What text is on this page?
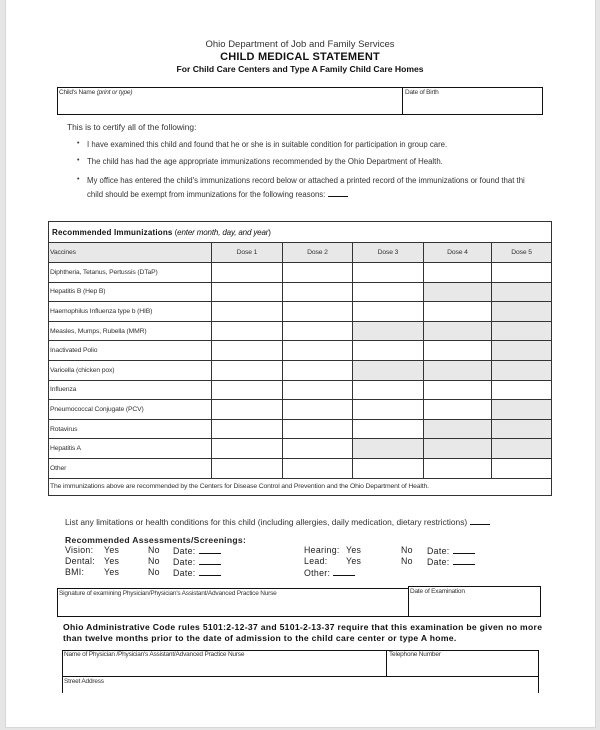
Ohio Department of Job and Family Services
CHILD MEDICAL STATEMENT
For Child Care Centers and Type A Family Child Care Homes
Child's Name (print or type)	Date of Birth
This is to certify all of the following:
• I have examined this child and found that he or she is in suitable condition for participation in group care.
• The child has had the age appropriate immunizations recommended by the Ohio Department of Health.
• My office has entered the child's immunizations record below or attached a printed record of the immunizations or found that thi
child should be exempt from immunizations for the following reasons:
Recommended Immunizations (enter month, day, and year)					
Vaccines	Dose 1	Dose 2	Dose 3	Dose 4	Dose 5
Diphtheria, Tetanus, Pertussis (DTaP)					
Hepatitis B (Hep B)					
Haemophilus Influenza type b (HIB)					
Measles, Mumps, Rubella (MMR)					
Inactivated Polio					
Varicella (chicken pox)					
Influenza					
Pneumococcal Conjugate (PCV)					
Rotavirus					
Hepatitis A					
Other					
The immunizations above are recommended by the Centers for Disease Control and Prevention and the Ohio Department of Health.					
List any limitations or health conditions for this child (including allergies, daily medication, dietary restrictions)
Recommended Assessments/Screenings:
Vision: Yes	No Date:
Dental: Yes	No Date:
BMI: Yes	No Date:
Hearing: Yes	No Date:
Lead: Yes	No Date:
Other:
Signature of examining Physician/Physician's Assistant/Advanced Practice Nurse	Date of Examination
Ohio Administrative Code rules 5101:2-12-37 and 5101-2-13-37 require that this examination be given no more than twelve months prior to the date of admission to the child care center or type A home.
Name of Physician /Physician's Assistant/Advanced Practice Nurse	Telephone Number
Street Address
